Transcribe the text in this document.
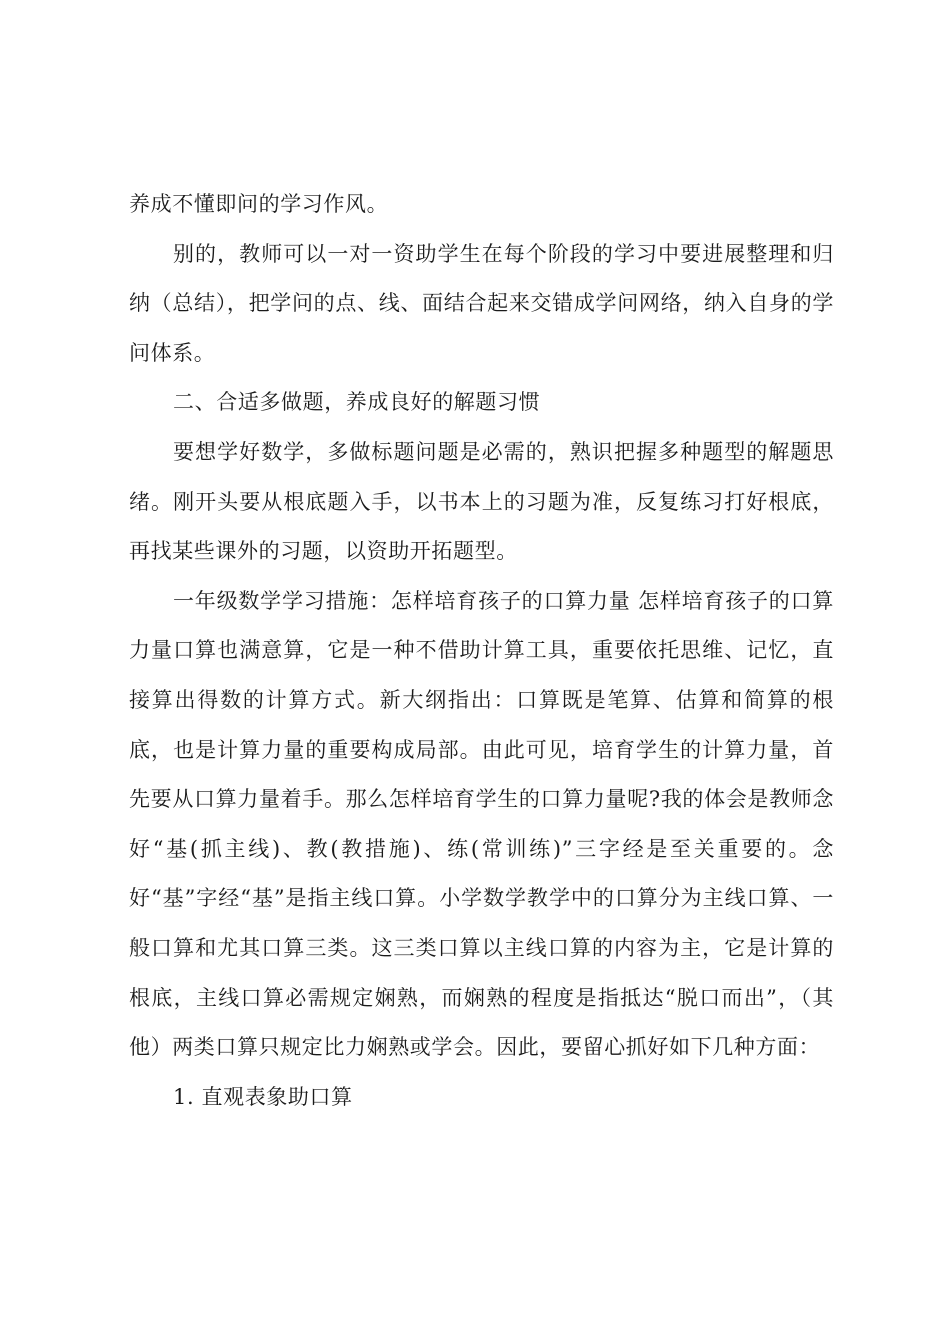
养成不懂即问的学习作风。

别的，教师可以一对一资助学生在每个阶段的学习中要进展整理和归纳（总结），把学问的点、线、面结合起来交错成学问网络，纳入自身的学问体系。

二、合适多做题，养成良好的解题习惯

要想学好数学，多做标题问题是必需的，熟识把握多种题型的解题思绪。刚开头要从根底题入手，以书本上的习题为准，反复练习打好根底，再找某些课外的习题，以资助开拓题型。

一年级数学学习措施：怎样培育孩子的口算力量 怎样培育孩子的口算力量口算也满意算，它是一种不借助计算工具，重要依托思维、记忆，直接算出得数的计算方式。新大纲指出：口算既是笔算、估算和简算的根底，也是计算力量的重要构成局部。由此可见，培育学生的计算力量，首先要从口算力量着手。那么怎样培育学生的口算力量呢?我的体会是教师念好“基(抓主线)、教(教措施)、练(常训练)”三字经是至关重要的。念好“基”字经“基”是指主线口算。小学数学教学中的口算分为主线口算、一般口算和尤其口算三类。这三类口算以主线口算的内容为主，它是计算的根底，主线口算必需规定娴熟，而娴熟的程度是指抵达“脱口而出”，（其他）两类口算只规定比力娴熟或学会。因此，要留心抓好如下几种方面：

1. 直观表象助口算
